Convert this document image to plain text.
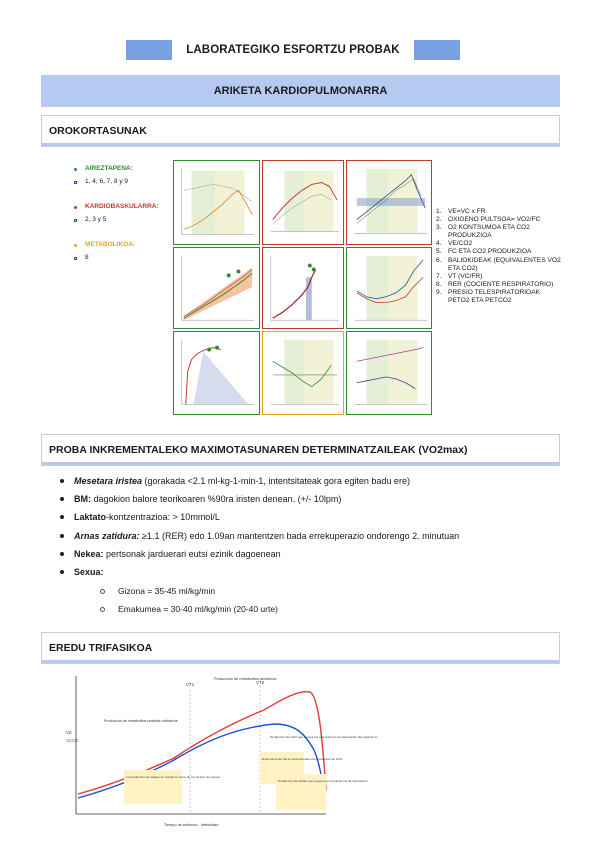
LABORATEGIKO ESFORTZU PROBAK
ARIKETA KARDIOPULMONARRA
OROKORTASUNAK
AIREZTAPENA:
1, 4, 6, 7, 8 y 9
KARDIOBASKULARRA:
2, 3 y 5
METABOLIKOA:
8
1. VE=VC x FR
2. OXIGENO PULTSOA= VO2/FC
3. O2 KONTSUMOA ETA CO2 PRODUKZIOA
4. VE/CO2
5. FC ETA CO2 PRODUKZIOA
6. BALIOKIDEAK (EQUIVALENTES VO2 ETA CO2)
7. VT (VC/FR)
8. RER (COCIENTE RESPIRATORIO)
9. PRESIO TELESPIRATORIOAK PETO2 ETA PETCO2
PROBA INKREMENTALEKO MAXIMOTASUNAREN DETERMINATZAILEAK (VO2max)
Mesetara iristea (gorakada <2.1 ml-kg-1-min-1, intentsitateak gora egiten badu ere)
BM: dagokion balore teorikoaren %90ra iristen denean. (+/- 10lpm)
Laktato-kontzentrazioa: > 10mmol/L
Arnas zatidura: ≥1.1 (RER) edo 1.09an mantentzen bada errekuperazio ondorengo 2. minutuan
Nekea: pertsonak jarduerari eutsi ezinik dagoenean
Sexua:
Gizona = 35-45 ml/kg/min
Emakumea = 30-40 ml/kg/min (20-40 urte)
EREDU TRIFASIKOA
VE
VCO2
VT1	VT2
Producción de metabolitos aeróbicos
Producción de metabolitos posibles oxidativos
El aumento de VE es proporcional a la producción de CO2
Tiempo de esfuerzo - Intensidad
La producción de lactato se mantiene cerca de los niveles de reposo
Producción de lactato que supera los mecanismos de eliminación
Producción de CO2 que supera los mecanismos de eliminación del organismo
